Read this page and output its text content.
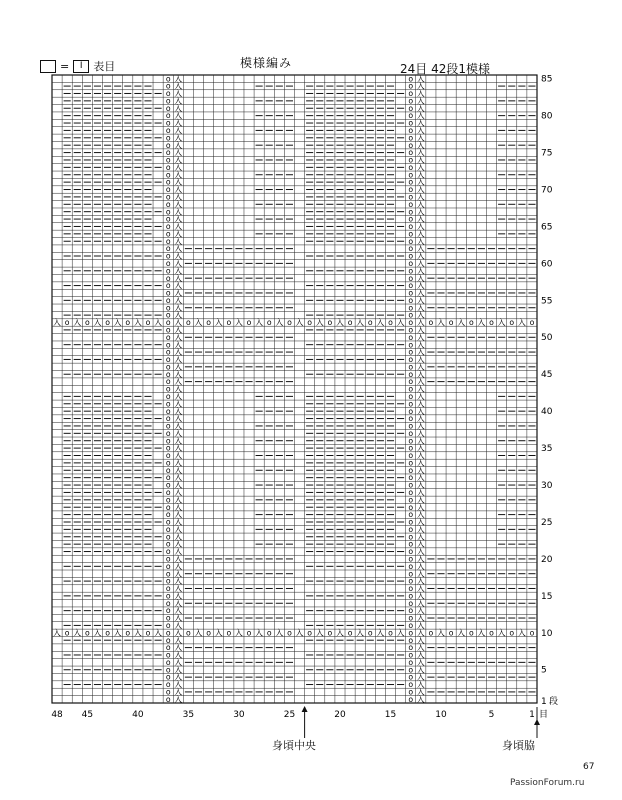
=	I 表目	模様編み	24目 42段1模様
o 入	o 入
o 入	o 入
o 入	o 入
o 入	o 入
o 入	o 入
o 入	o 入
o 入	o 入
o 入	o 入
o 入	o 入
o 入	o 入
o 入	o 入
o 入	o 入
o 入	o 入
o 入	o 入
o 入	o 入
o 入	o 入
o 入	o 入
o 入	o 入
o 入	o 入
o 入	o 入
o 入	o 入
o 入	o 入
o 入	o 入
o 入	o 入
o 入	o 入
o 入	o 入
o 入	o 入
o 入	o 入
o 入	o 入
o 入	o 入
o 入	o 入
o 入	o 入
o 入	o 入
o 入	o 入
o 入	o 入
o 入	o 入
o 入	o 入
o 入	o 入
o 入	o 入
o 入	o 入
o 入	o 入
o 入	o 入
o 入	o 入
o 入	o 入
o 入	o 入
o 入	o 入
o 入	o 入
o 入	o 入
o 入	o 入
o 入	o 入
o 入	o 入
o 入	o 入
o 入	o 入
o 入	o 入
o 入	o 入
o 入	o 入
o 入	o 入
o 入	o 入
o 入	o 入
o 入	o 入
o 入	o 入
o 入	o 入
o 入	o 入
o 入	o 入
o 入	o 入
o 入	o 入
o 入	o 入
o 入	o 入
o 入	o 入
o 入	o 入
o 入	o 入
o 入	o 入
o 入	o 入
o 入	o 入
o 入	o 入
o 入	o 入
o 入	o 入
o 入	o 入
o 入	o 入
o 入	o 入
o 入	o 入
o 入	o 入
o 入	o 入
o
入
o
入
o
入
o
入
o
入
o
入
o
入
o
入
o
入
o
入
o
入
o
入
o
入
o
入
o
入
o
入
o
入
o
入
o
入
o
入
o
入
o
入
o
入
o
入
o
入
o
入
o
入
o
入
o
入
o
入
o
入
o
入
o
入
o
入
o
入
o
入
o
入
o
入
o
入
o
入
o
入
o
入
o
入
o
入
o
入
o
入
o
入
o
入
5
10
15
20
25
30
35
40
45
50
55
60
65
70
75
80
85
1 段
48 45	40	35	30	25	20	15	10	5	1 目
身頃中央	身頃脇
67
PassionForum.ru
